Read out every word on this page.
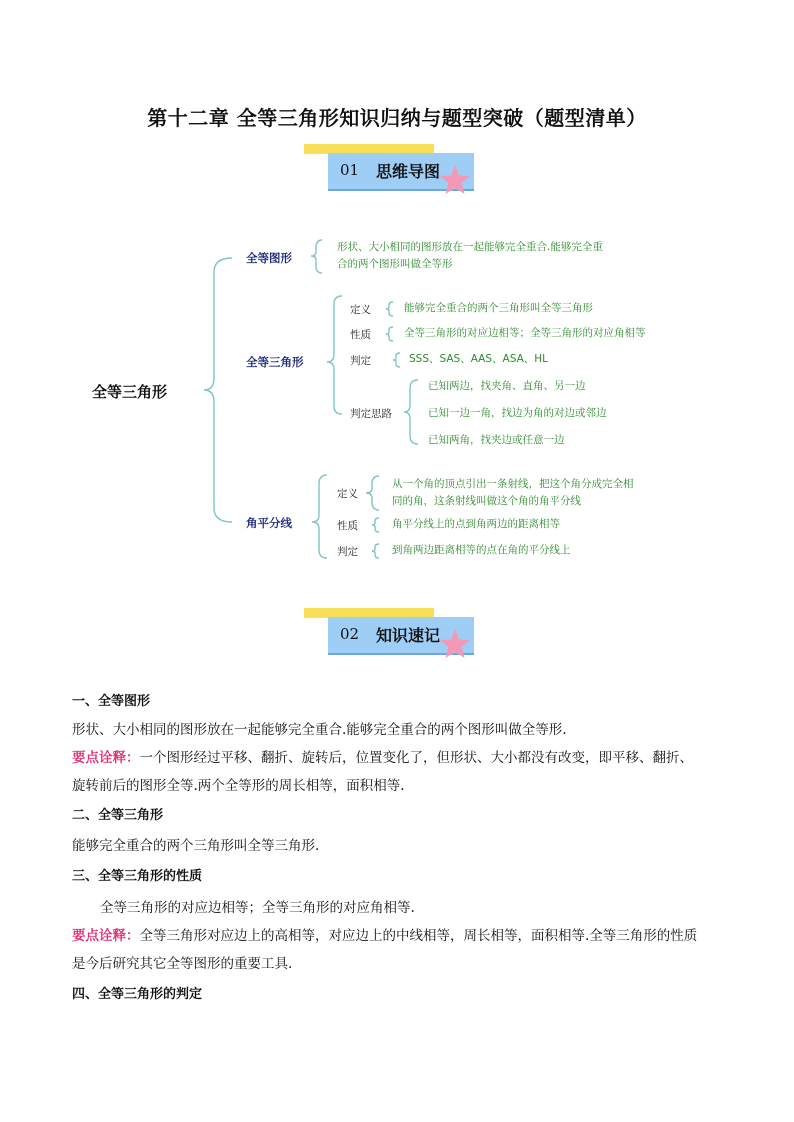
第十二章 全等三角形知识归纳与题型突破（题型清单）
01 思维导图
全等三角形
全等图形
形状、大小相同的图形放在一起能够完全重合.能够完全重
合的两个图形叫做全等形
全等三角形
定义	能够完全重合的两个三角形叫全等三角形
性质	全等三角形的对应边相等；全等三角形的对应角相等
判定	SSS、SAS、AAS、ASA、HL
判定思路
已知两边，找夹角、直角、另一边
已知一边一角，找边为角的对边或邻边
已知两角，找夹边或任意一边
角平分线
定义
从一个角的顶点引出一条射线，把这个角分成完全相
同的角，这条射线叫做这个角的角平分线
性质	角平分线上的点到角两边的距离相等
判定	到角两边距离相等的点在角的平分线上
02 知识速记
一、全等图形
形状、大小相同的图形放在一起能够完全重合.能够完全重合的两个图形叫做全等形.
要点诠释：一个图形经过平移、翻折、旋转后，位置变化了，但形状、大小都没有改变，即平移、翻折、
旋转前后的图形全等.两个全等形的周长相等，面积相等.
二、全等三角形
能够完全重合的两个三角形叫全等三角形.
三、全等三角形的性质
全等三角形的对应边相等；全等三角形的对应角相等.
要点诠释：全等三角形对应边上的高相等，对应边上的中线相等，周长相等，面积相等.全等三角形的性质
是今后研究其它全等图形的重要工具.
四、全等三角形的判定
